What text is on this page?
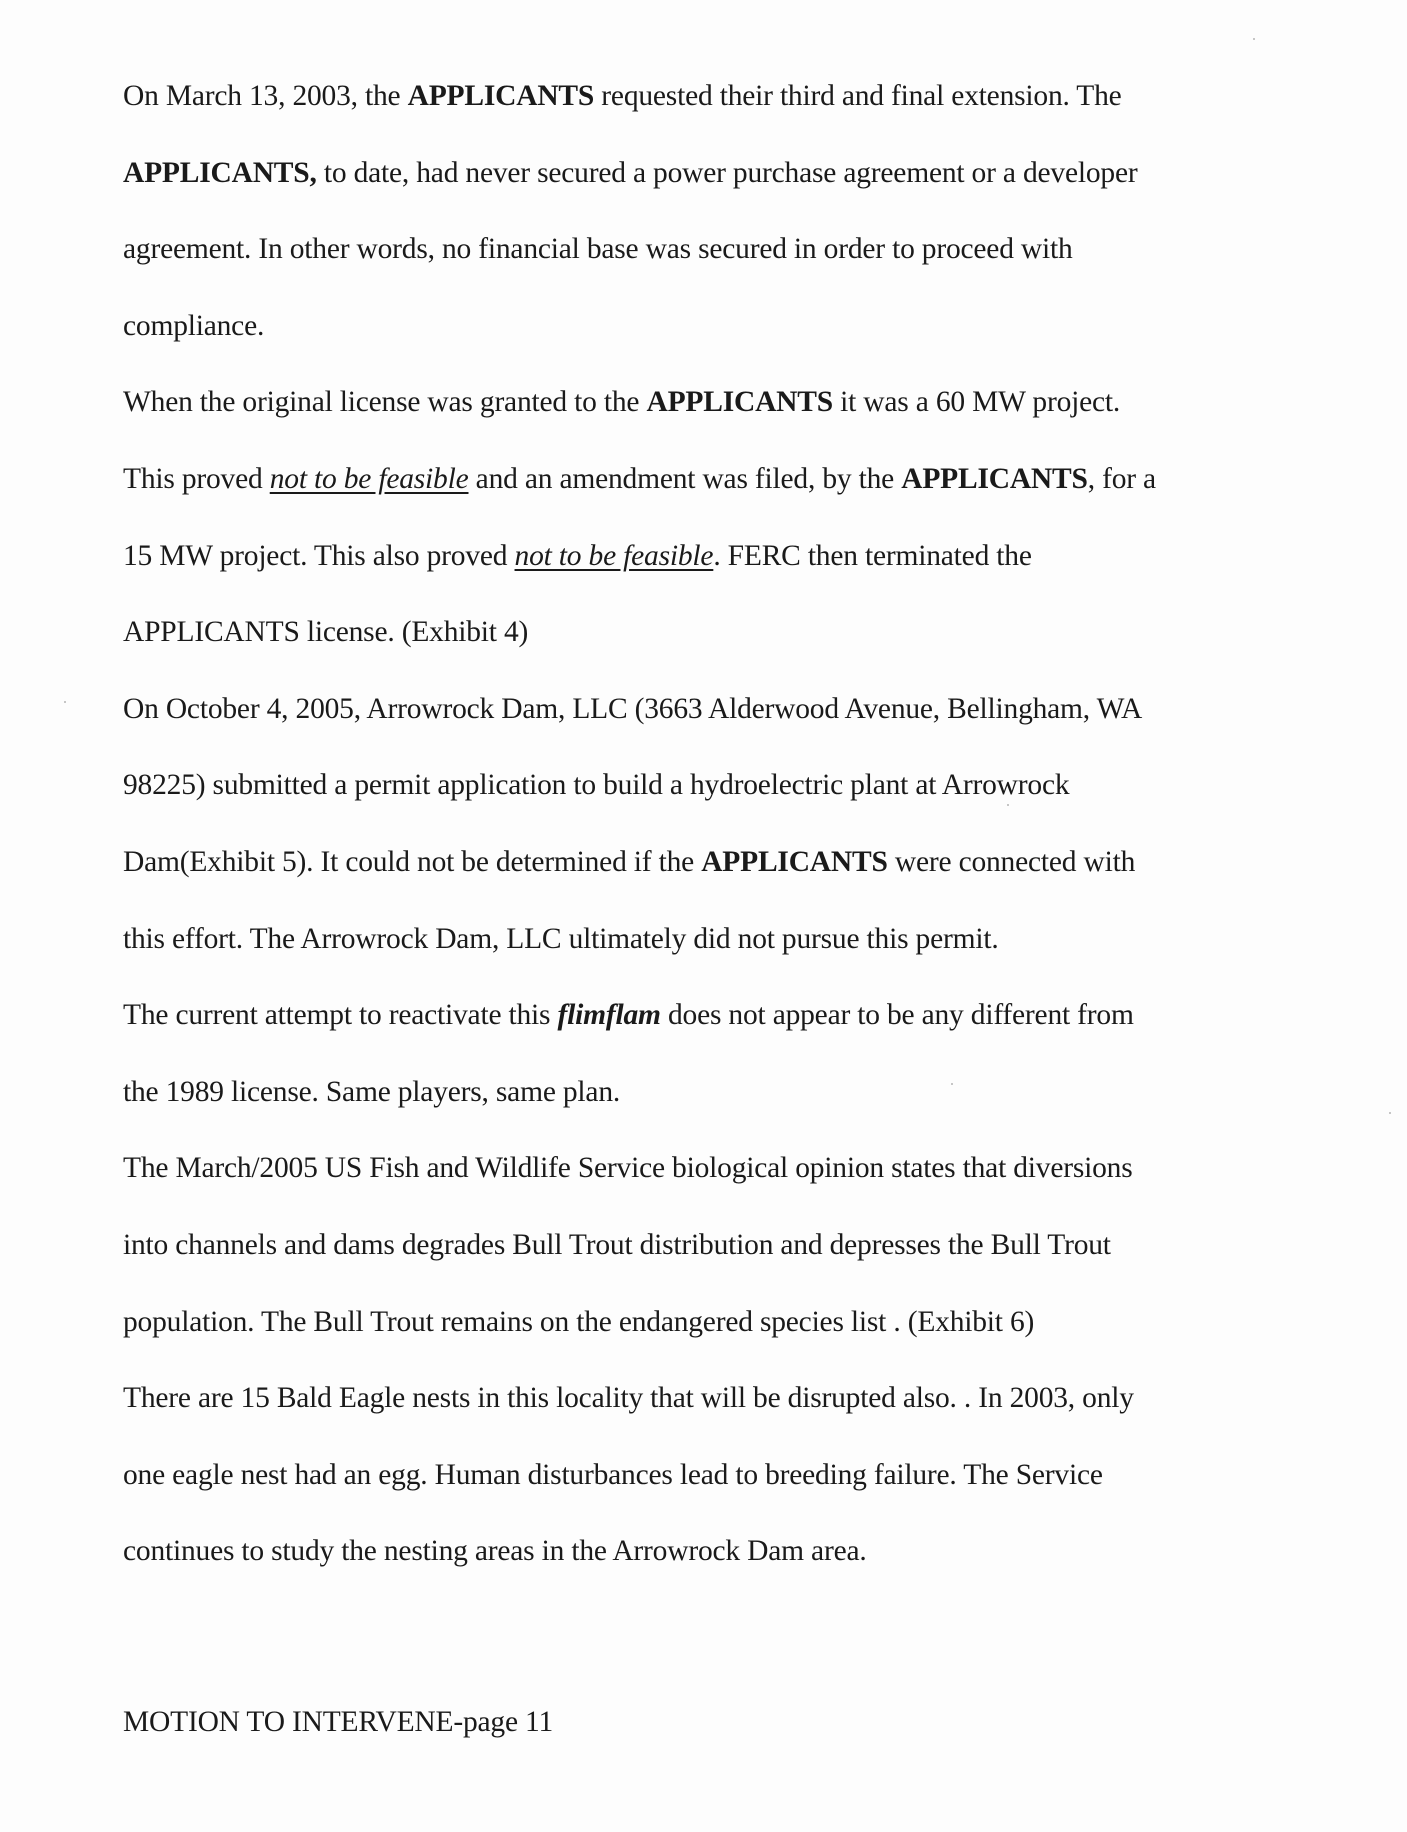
On March 13, 2003, the APPLICANTS requested their third and final extension. The
APPLICANTS, to date, had never secured a power purchase agreement or a developer
agreement. In other words, no financial base was secured in order to proceed with
compliance.
When the original license was granted to the APPLICANTS it was a 60 MW project.
This proved not to be feasible and an amendment was filed, by the APPLICANTS, for a
15 MW project. This also proved not to be feasible. FERC then terminated the
APPLICANTS license. (Exhibit 4)
On October 4, 2005, Arrowrock Dam, LLC (3663 Alderwood Avenue, Bellingham, WA
98225) submitted a permit application to build a hydroelectric plant at Arrowrock
Dam(Exhibit 5). It could not be determined if the APPLICANTS were connected with
this effort. The Arrowrock Dam, LLC ultimately did not pursue this permit.
The current attempt to reactivate this flimflam does not appear to be any different from
the 1989 license. Same players, same plan.
The March/2005 US Fish and Wildlife Service biological opinion states that diversions
into channels and dams degrades Bull Trout distribution and depresses the Bull Trout
population. The Bull Trout remains on the endangered species list . (Exhibit 6)
There are 15 Bald Eagle nests in this locality that will be disrupted also. . In 2003, only
one eagle nest had an egg. Human disturbances lead to breeding failure. The Service
continues to study the nesting areas in the Arrowrock Dam area.
MOTION TO INTERVENE-page 11
